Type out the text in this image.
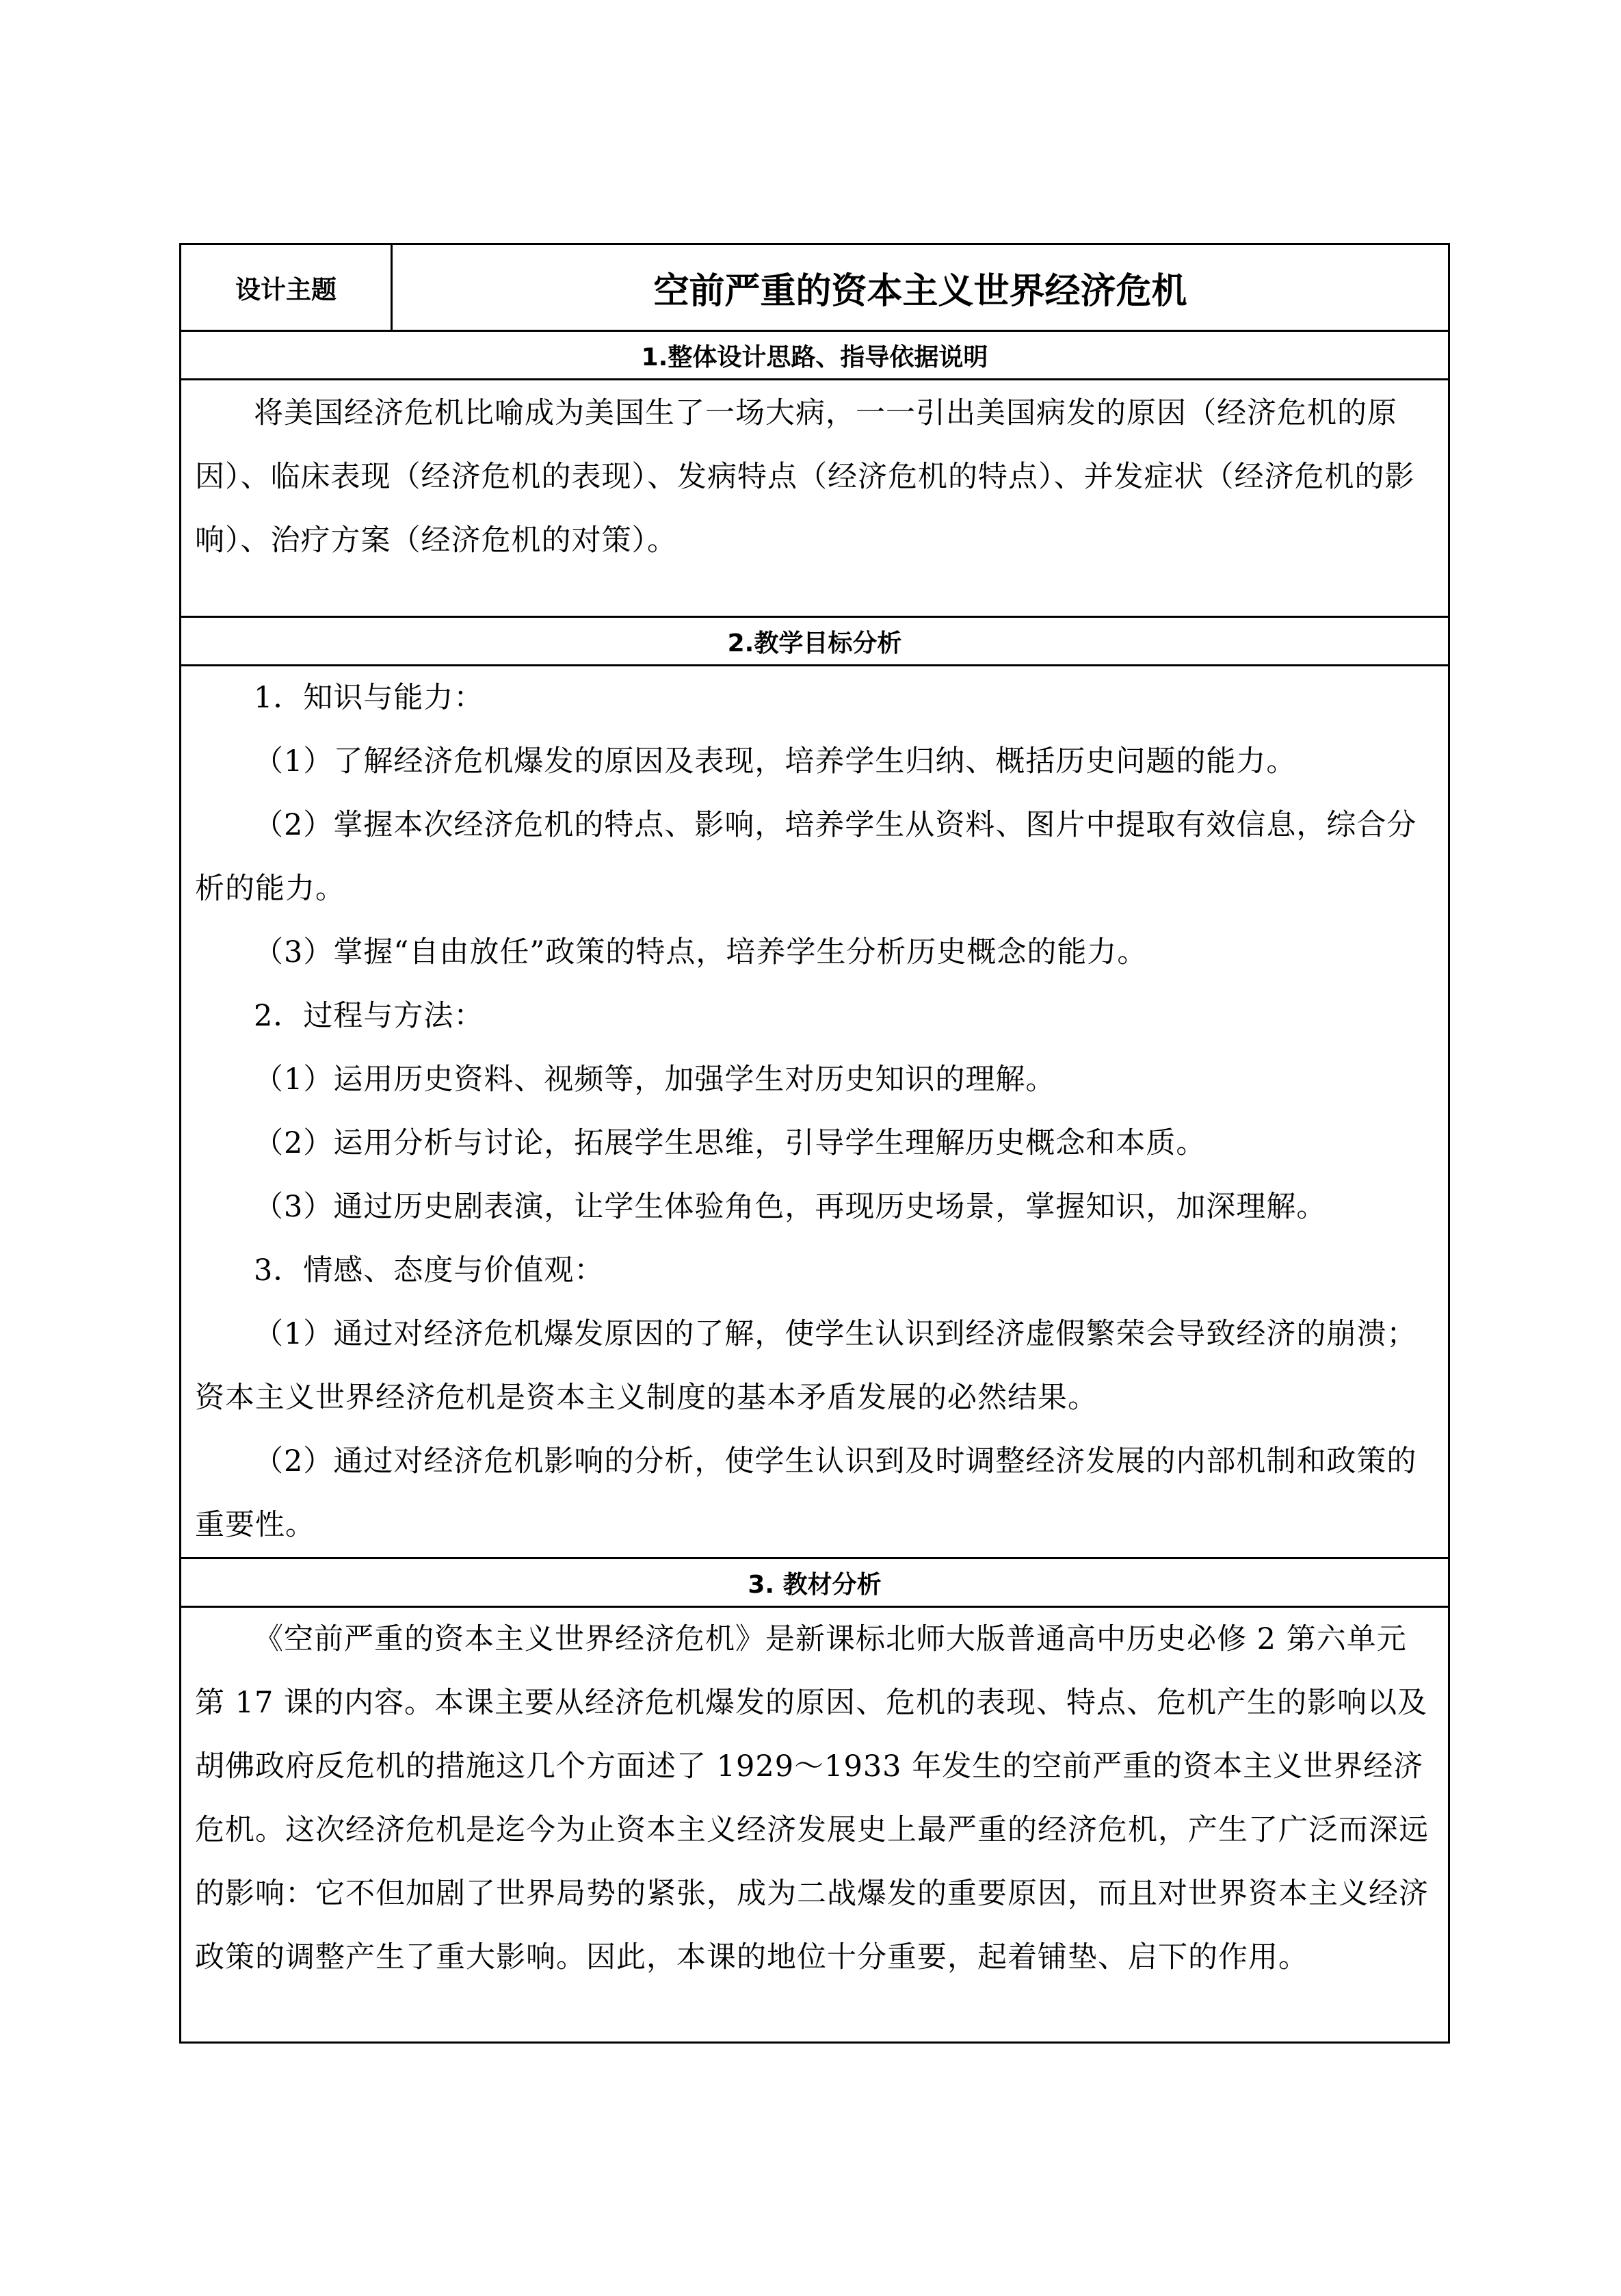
设计主题	空前严重的资本主义世界经济危机
1.整体设计思路、指导依据说明

将美国经济危机比喻成为美国生了一场大病，一一引出美国病发的原因（经济危机的原因）、临床表现（经济危机的表现）、发病特点（经济危机的特点）、并发症状（经济危机的影响）、治疗方案（经济危机的对策）。

2.教学目标分析

1．知识与能力：

（1）了解经济危机爆发的原因及表现，培养学生归纳、概括历史问题的能力。

（2）掌握本次经济危机的特点、影响，培养学生从资料、图片中提取有效信息，综合分析的能力。

（3）掌握“自由放任”政策的特点，培养学生分析历史概念的能力。

2．过程与方法：

（1）运用历史资料、视频等，加强学生对历史知识的理解。

（2）运用分析与讨论，拓展学生思维，引导学生理解历史概念和本质。

（3）通过历史剧表演，让学生体验角色，再现历史场景，掌握知识，加深理解。

3．情感、态度与价值观：

（1）通过对经济危机爆发原因的了解，使学生认识到经济虚假繁荣会导致经济的崩溃；资本主义世界经济危机是资本主义制度的基本矛盾发展的必然结果。

（2）通过对经济危机影响的分析，使学生认识到及时调整经济发展的内部机制和政策的重要性。

3. 教材分析

《空前严重的资本主义世界经济危机》是新课标北师大版普通高中历史必修 2 第六单元第 17 课的内容。本课主要从经济危机爆发的原因、危机的表现、特点、危机产生的影响以及胡佛政府反危机的措施这几个方面述了 1929～1933 年发生的空前严重的资本主义世界经济危机。这次经济危机是迄今为止资本主义经济发展史上最严重的经济危机，产生了广泛而深远的影响：它不但加剧了世界局势的紧张，成为二战爆发的重要原因，而且对世界资本主义经济政策的调整产生了重大影响。因此，本课的地位十分重要，起着铺垫、启下的作用。
